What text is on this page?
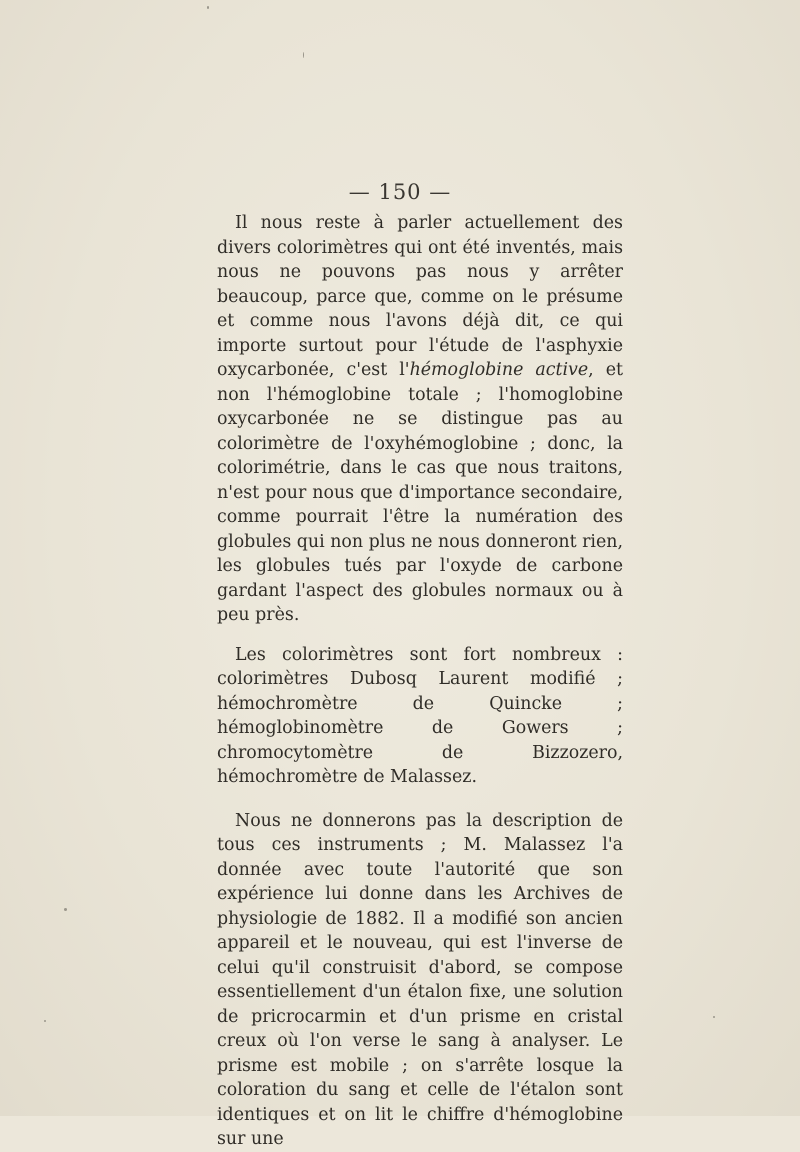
— 150 —

Il nous reste à parler actuellement des divers colorimètres qui ont été inventés, mais nous ne pouvons pas nous y arrêter beaucoup, parce que, comme on le présume et comme nous l'avons déjà dit, ce qui importe surtout pour l'étude de l'asphyxie oxycarbonée, c'est l'hémoglobine active, et non l'hémoglobine totale ; l'homoglobine oxycarbonée ne se distingue pas au colorimètre de l'oxyhémoglobine ; donc, la colorimétrie, dans le cas que nous traitons, n'est pour nous que d'importance secondaire, comme pourrait l'être la numération des globules qui non plus ne nous donneront rien, les globules tués par l'oxyde de carbone gardant l'aspect des globules normaux ou à peu près.

Les colorimètres sont fort nombreux : colorimètres Dubosq Laurent modifié ; hémochromètre de Quincke ; hémoglobinomètre de Gowers ; chromocytomètre de Bizzozero, hémochromètre de Malassez.

Nous ne donnerons pas la description de tous ces instruments ; M. Malassez l'a donnée avec toute l'autorité que son expérience lui donne dans les Archives de physiologie de 1882. Il a modifié son ancien appareil et le nouveau, qui est l'inverse de celui qu'il construisit d'abord, se compose essentiellement d'un étalon fixe, une solution de pricrocarmin et d'un prisme en cristal creux où l'on verse le sang à analyser. Le prisme est mobile ; on s'arrête losque la coloration du sang et celle de l'étalon sont identiques et on lit le chiffre d'hémoglobine sur une
